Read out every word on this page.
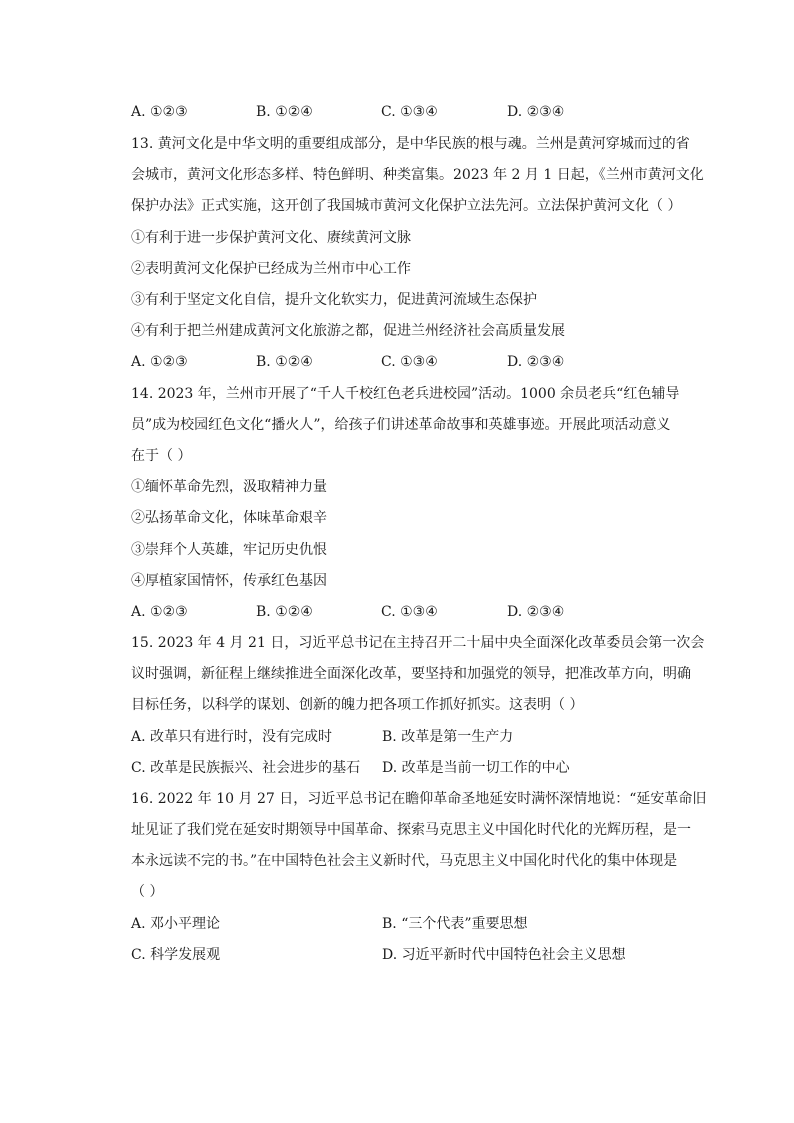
A. ①②③	B. ①②④	C. ①③④	D. ②③④
13. 黄河文化是中华文明的重要组成部分，是中华民族的根与魂。兰州是黄河穿城而过的省
会城市，黄河文化形态多样、特色鲜明、种类富集。2023 年 2 月 1 日起，《兰州市黄河文化
保护办法》正式实施，这开创了我国城市黄河文化保护立法先河。立法保护黄河文化（ ）
①有利于进一步保护黄河文化、赓续黄河文脉
②表明黄河文化保护已经成为兰州市中心工作
③有利于坚定文化自信，提升文化软实力，促进黄河流域生态保护
④有利于把兰州建成黄河文化旅游之都，促进兰州经济社会高质量发展
A. ①②③	B. ①②④	C. ①③④	D. ②③④
14. 2023 年，兰州市开展了“千人千校红色老兵进校园”活动。1000 余员老兵“红色辅导
员”成为校园红色文化“播火人”，给孩子们讲述革命故事和英雄事迹。开展此项活动意义
在于（ ）
①缅怀革命先烈，汲取精神力量
②弘扬革命文化，体味革命艰辛
③崇拜个人英雄，牢记历史仇恨
④厚植家国情怀，传承红色基因
A. ①②③	B. ①②④	C. ①③④	D. ②③④
15. 2023 年 4 月 21 日，习近平总书记在主持召开二十届中央全面深化改革委员会第一次会
议时强调，新征程上继续推进全面深化改革，要坚持和加强党的领导，把准改革方向，明确
目标任务，以科学的谋划、创新的魄力把各项工作抓好抓实。这表明（ ）
A. 改革只有进行时，没有完成时	B. 改革是第一生产力
C. 改革是民族振兴、社会进步的基石 D. 改革是当前一切工作的中心
16. 2022 年 10 月 27 日，习近平总书记在瞻仰革命圣地延安时满怀深情地说：“延安革命旧
址见证了我们党在延安时期领导中国革命、探索马克思主义中国化时代化的光辉历程，是一
本永远读不完的书。”在中国特色社会主义新时代，马克思主义中国化时代化的集中体现是
（ ）
A. 邓小平理论	B. “三个代表”重要思想
C. 科学发展观	D. 习近平新时代中国特色社会主义思想
